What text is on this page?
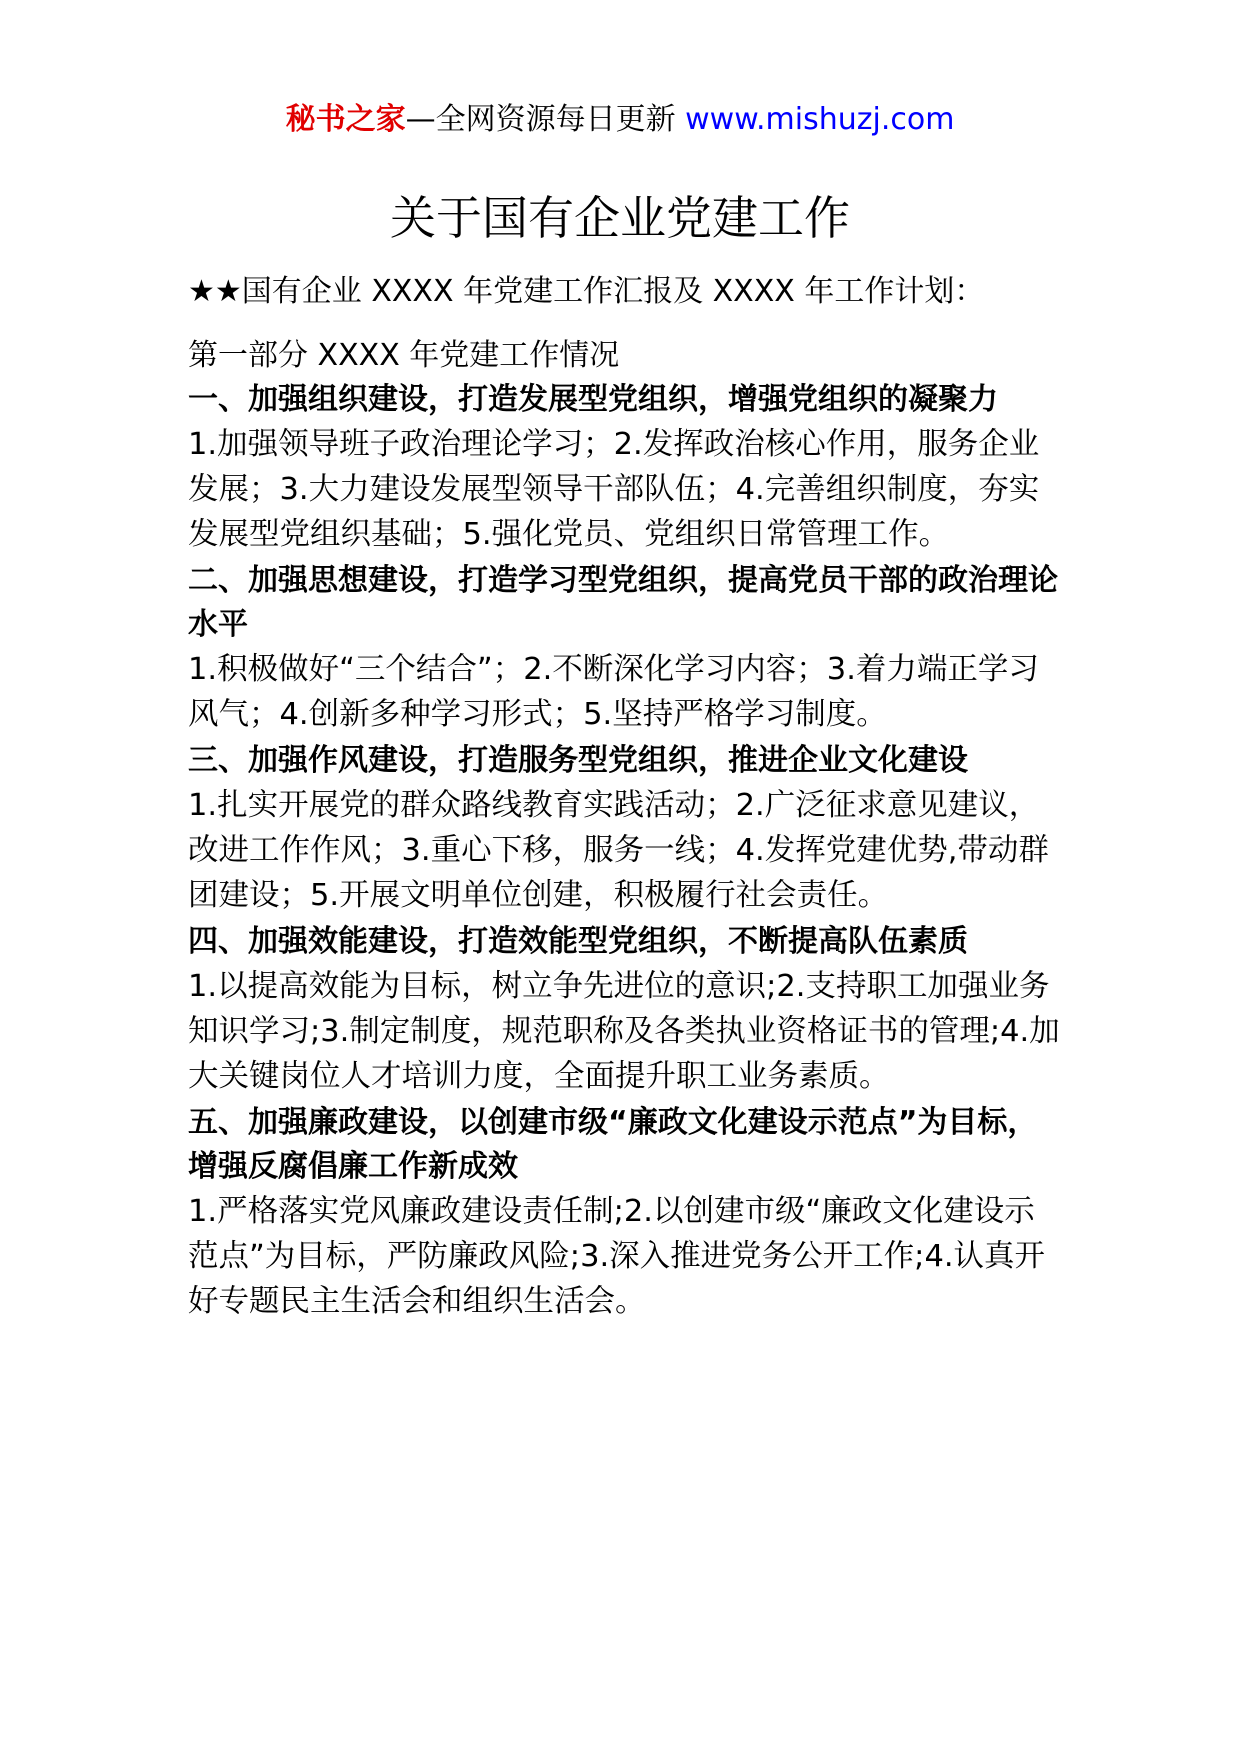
秘书之家—全网资源每日更新 www.mishuzj.com
关于国有企业党建工作

★★国有企业 XXXX 年党建工作汇报及 XXXX 年工作计划：

第一部分 XXXX 年党建工作情况

一、加强组织建设，打造发展型党组织，增强党组织的凝聚力

1.加强领导班子政治理论学习；2.发挥政治核心作用，服务企业发展；3.大力建设发展型领导干部队伍；4.完善组织制度，夯实发展型党组织基础；5.强化党员、党组织日常管理工作。

二、加强思想建设，打造学习型党组织，提高党员干部的政治理论水平

1.积极做好“三个结合”；2.不断深化学习内容；3.着力端正学习风气；4.创新多种学习形式；5.坚持严格学习制度。

三、加强作风建设，打造服务型党组织，推进企业文化建设

1.扎实开展党的群众路线教育实践活动；2.广泛征求意见建议，改进工作作风；3.重心下移，服务一线；4.发挥党建优势,带动群团建设；5.开展文明单位创建，积极履行社会责任。

四、加强效能建设，打造效能型党组织，不断提高队伍素质

1.以提高效能为目标，树立争先进位的意识;2.支持职工加强业务知识学习;3.制定制度，规范职称及各类执业资格证书的管理;4.加大关键岗位人才培训力度，全面提升职工业务素质。

五、加强廉政建设，以创建市级“廉政文化建设示范点”为目标，增强反腐倡廉工作新成效

1.严格落实党风廉政建设责任制;2.以创建市级“廉政文化建设示范点”为目标，严防廉政风险;3.深入推进党务公开工作;4.认真开好专题民主生活会和组织生活会。
